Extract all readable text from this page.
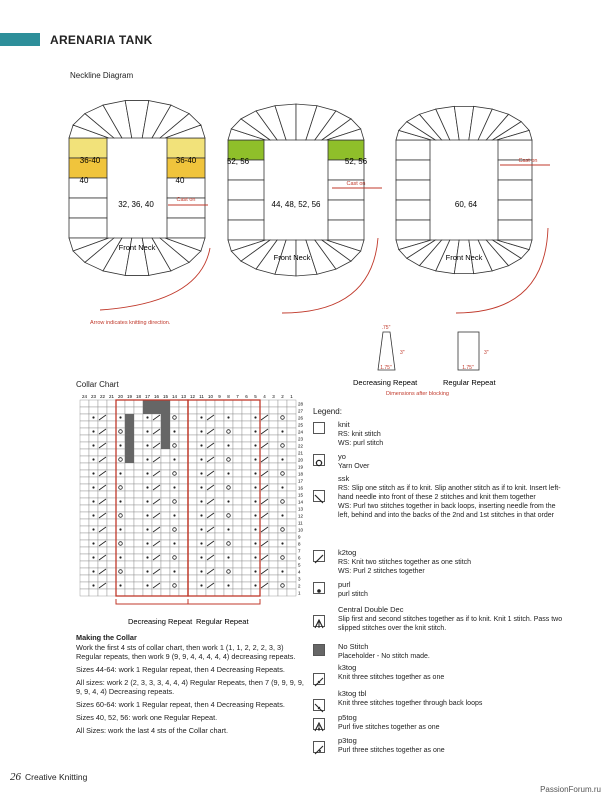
ARENARIA TANK
Neckline Diagram
36-40	36-40
40	40
32, 36, 40	Cast on
Front Neck
52, 56	52, 56
44, 48, 52, 56
Cast on
Front Neck
60, 64
Cast on
Front Neck
Arrow indicates knitting direction.
.75"
3"
1.75"
Decreasing Repeat
3"
1.75"
Regular Repeat
Dimensions after blocking
Collar Chart
24 23 22 21 20 19 18 17 16 15 14 13 12 11 10 9 8 7 6 5 4 3 2 1
28
27
26
25
24
23
22
21
20
19
18
17
16
15
14
13
12
11
10
9
8
7
6
5
4
3
2
1
Decreasing Repeat Regular Repeat
Legend:
knit
RS: knit stitch
WS: purl stitch
yo
Yarn Over
ssk
RS: Slip one stitch as if to knit. Slip another stitch as if to knit. Insert left-hand needle into front of these 2 stitches and knit them together
WS: Purl two stitches together in back loops, inserting needle from the left, behind and into the backs of the 2nd and 1st stitches in that order
k2tog
RS: Knit two stitches together as one stitch
WS: Purl 2 stitches together
purl
purl stitch
Central Double Dec
Slip first and second stitches together as if to knit. Knit 1 stitch. Pass two slipped stitches over the knit stitch.
No Stitch
Placeholder - No stitch made.
k3tog
Knit three stitches together as one
k3tog tbl
Knit three stitches together through back loops
p5tog
Purl five stitches together as one
p3tog
Purl three stitches together as one

Making the Collar

Work the first 4 sts of collar chart, then work 1 (1, 1, 2, 2, 2, 3, 3) Regular repeats, then work 9 (9, 9, 4, 4, 4, 4, 4) decreasing repeats.

Sizes 44-64: work 1 Regular repeat, then 4 Decreasing Repeats.

All sizes: work 2 (2, 3, 3, 3, 4, 4, 4) Regular Repeats, then 7 (9, 9, 9, 9, 9, 9, 4, 4) Decreasing repeats.

Sizes 60-64: work 1 Regular repeat, then 4 Decreasing Repeats.

Sizes 40, 52, 56: work one Regular Repeat.

All Sizes: work the last 4 sts of the Collar chart.

26 Creative Knitting
PassionForum.ru
